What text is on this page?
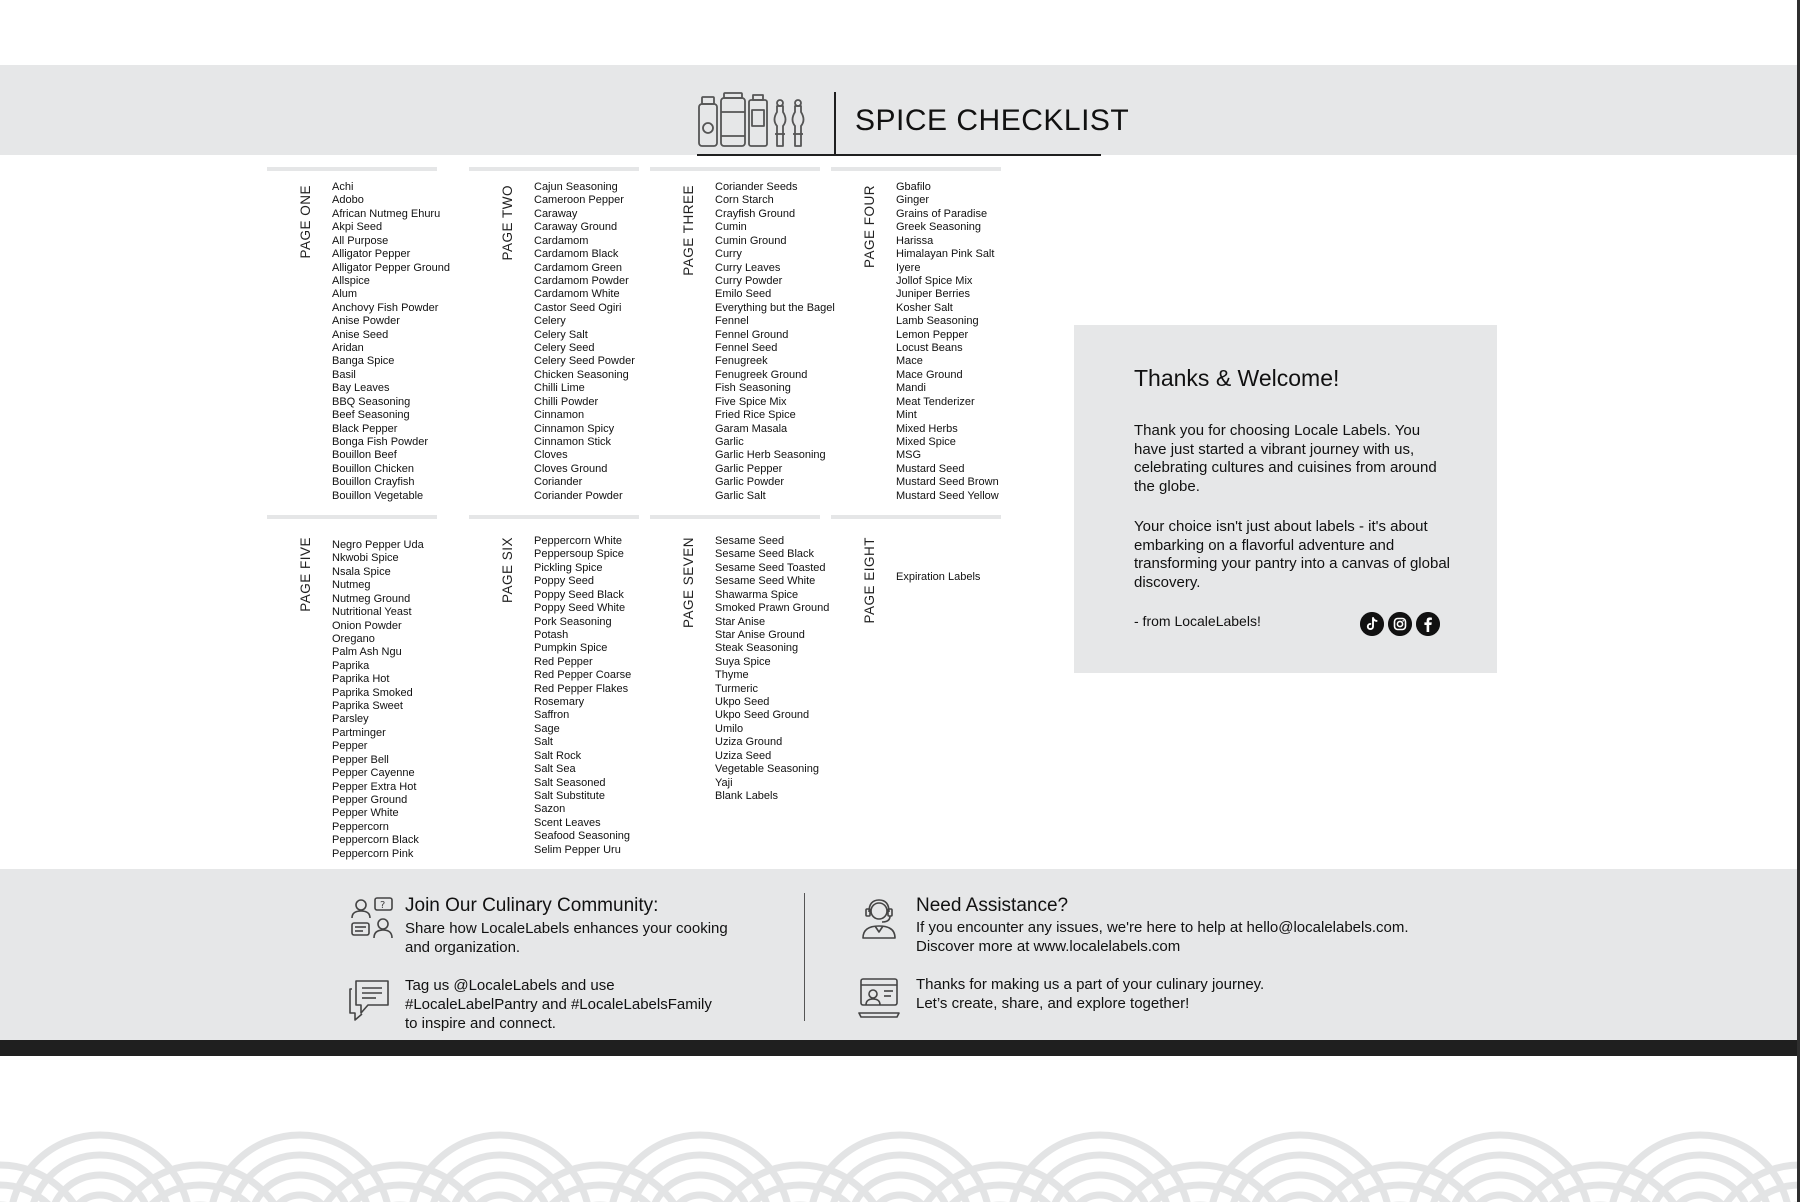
SPICE CHECKLIST
PAGE ONE Achi
Adobo
African Nutmeg Ehuru
Akpi Seed
All Purpose
Alligator Pepper
Alligator Pepper Ground
Allspice
Alum
Anchovy Fish Powder
Anise Powder
Anise Seed
Aridan
Banga Spice
Basil
Bay Leaves
BBQ Seasoning
Beef Seasoning
Black Pepper
Bonga Fish Powder
Bouillon Beef
Bouillon Chicken
Bouillon Crayfish
Bouillon Vegetable
PAGE TWO Cajun Seasoning
Cameroon Pepper
Caraway
Caraway Ground
Cardamom
Cardamom Black
Cardamom Green
Cardamom Powder
Cardamom White
Castor Seed Ogiri
Celery
Celery Salt
Celery Seed
Celery Seed Powder
Chicken Seasoning
Chilli Lime
Chilli Powder
Cinnamon
Cinnamon Spicy
Cinnamon Stick
Cloves
Cloves Ground
Coriander
Coriander Powder
PAGE THREE Coriander Seeds
Corn Starch
Crayfish Ground
Cumin
Cumin Ground
Curry
Curry Leaves
Curry Powder
Emilo Seed
Everything but the Bagel
Fennel
Fennel Ground
Fennel Seed
Fenugreek
Fenugreek Ground
Fish Seasoning
Five Spice Mix
Fried Rice Spice
Garam Masala
Garlic
Garlic Herb Seasoning
Garlic Pepper
Garlic Powder
Garlic Salt
PAGE FOUR Gbafilo
Ginger
Grains of Paradise
Greek Seasoning
Harissa
Himalayan Pink Salt
Iyere
Jollof Spice Mix
Juniper Berries
Kosher Salt
Lamb Seasoning
Lemon Pepper
Locust Beans
Mace
Mace Ground
Mandi
Meat Tenderizer
Mint
Mixed Herbs
Mixed Spice
MSG
Mustard Seed
Mustard Seed Brown
Mustard Seed Yellow
PAGE FIVE Negro Pepper Uda
Nkwobi Spice
Nsala Spice
Nutmeg
Nutmeg Ground
Nutritional Yeast
Onion Powder
Oregano
Palm Ash Ngu
Paprika
Paprika Hot
Paprika Smoked
Paprika Sweet
Parsley
Partminger
Pepper
Pepper Bell
Pepper Cayenne
Pepper Extra Hot
Pepper Ground
Pepper White
Peppercorn
Peppercorn Black
Peppercorn Pink
PAGE SIX Peppercorn White
Peppersoup Spice
Pickling Spice
Poppy Seed
Poppy Seed Black
Poppy Seed White
Pork Seasoning
Potash
Pumpkin Spice
Red Pepper
Red Pepper Coarse
Red Pepper Flakes
Rosemary
Saffron
Sage
Salt
Salt Rock
Salt Sea
Salt Seasoned
Salt Substitute
Sazon
Scent Leaves
Seafood Seasoning
Selim Pepper Uru
PAGE SEVEN Sesame Seed
Sesame Seed Black
Sesame Seed Toasted
Sesame Seed White
Shawarma Spice
Smoked Prawn Ground
Star Anise
Star Anise Ground
Steak Seasoning
Suya Spice
Thyme
Turmeric
Ukpo Seed
Ukpo Seed Ground
Umilo
Uziza Ground
Uziza Seed
Vegetable Seasoning
Yaji
Blank Labels
PAGE EIGHT Expiration Labels
Thanks & Welcome!

Thank you for choosing Locale Labels. You have just started a vibrant journey with us, celebrating cultures and cuisines from around the globe.

Your choice isn't just about labels - it's about embarking on a flavorful adventure and transforming your pantry into a canvas of global discovery.

- from LocaleLabels!
? Join Our Culinary Community:
Share how LocaleLabels enhances your cooking
and organization.
Tag us @LocaleLabels and use
#LocaleLabelPantry and #LocaleLabelsFamily
to inspire and connect.
Need Assistance?
If you encounter any issues, we're here to help at hello@localelabels.com.
Discover more at www.localelabels.com
Thanks for making us a part of your culinary journey.
Let’s create, share, and explore together!
